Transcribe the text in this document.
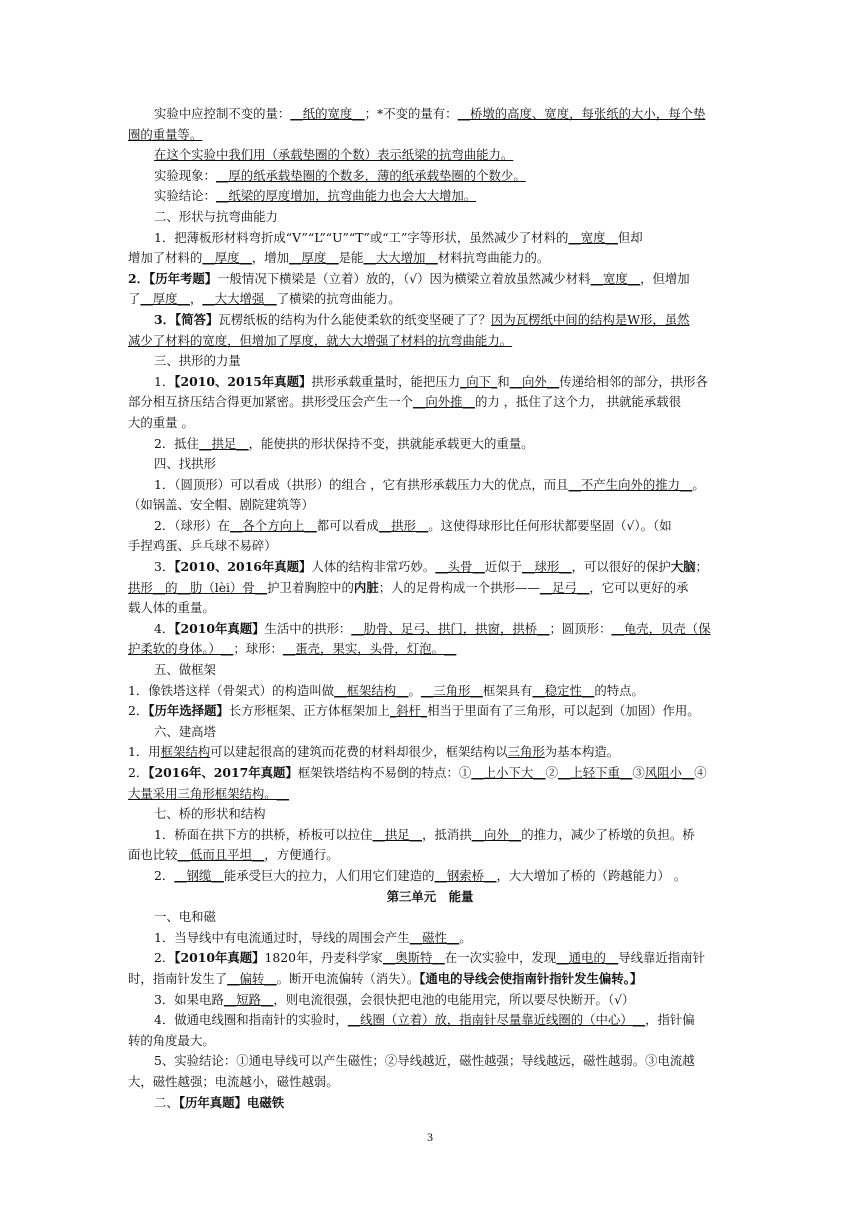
实验中应控制不变的量：__纸的宽度__；*不变的量有：__桥墩的高度、宽度，每张纸的大小，每个垫
圈的重量等。
在这个实验中我们用（承载垫圈的个数）表示纸梁的抗弯曲能力。
实验现象：__厚的纸承载垫圈的个数多，薄的纸承载垫圈的个数少。
实验结论：__纸梁的厚度增加，抗弯曲能力也会大大增加。
二、形状与抗弯曲能力
1．把薄板形材料弯折成“V”“L”“U”“T”或“工”字等形状，虽然减少了材料的__宽度__但却
增加了材料的__厚度__，增加__厚度__是能__大大增加__材料抗弯曲能力的。
2．【历年考题】一般情况下横梁是（立着）放的，（√）因为横梁立着放虽然减少材料__宽度__，但增加
了__厚度__，__大大增强__了横梁的抗弯曲能力。
3．【简答】瓦楞纸板的结构为什么能使柔软的纸变坚硬了了？因为瓦楞纸中间的结构是W形，虽然
减少了材料的宽度，但增加了厚度，就大大增强了材料的抗弯曲能力。
三、拱形的力量
1．【2010、2015年真题】拱形承载重量时，能把压力_向下_和__向外__传递给相邻的部分，拱形各
部分相互挤压结合得更加紧密。拱形受压会产生一个__向外推__的力 ，抵住了这个力， 拱就能承载很
大的重量 。
2．抵住__拱足__，能使拱的形状保持不变，拱就能承载更大的重量。
四、找拱形
1．（圆顶形）可以看成（拱形）的组合 ，它有拱形承载压力大的优点，而且__不产生向外的推力__。
（如锅盖、安全帽、剧院建筑等）
2．（球形）在__各个方向上__都可以看成__拱形__。这使得球形比任何形状都要坚固（√）。（如
手捏鸡蛋、乒乓球不易碎）
3．【2010、2016年真题】人体的结构非常巧妙。__头骨__近似于__球形__，可以很好的保护大脑；
拱形__的__肋（lèi）骨__护卫着胸腔中的内脏；人的足骨构成一个拱形——__足弓__，它可以更好的承
载人体的重量。
4．【2010年真题】生活中的拱形：__肋骨、足弓、拱门，拱窗，拱桥__；圆顶形：__龟壳，贝壳（保
护柔软的身体。）__；球形：__蛋壳，果实，头骨，灯泡。__
五、做框架
1．像铁塔这样（骨架式）的构造叫做__框架结构__。__三角形__框架具有__稳定性__的特点。
2．【历年选择题】长方形框架、正方体框架加上_斜杆_相当于里面有了三角形，可以起到（加固）作用。
六、建高塔
1．用框架结构可以建起很高的建筑而花费的材料却很少，框架结构以三角形为基本构造。
2．【2016年、2017年真题】框架铁塔结构不易倒的特点：①__上小下大__②__上轻下重__③风阻小__④
大量采用三角形框架结构。__
七、桥的形状和结构
1．桥面在拱下方的拱桥，桥板可以拉住__拱足__，抵消拱__向外__的推力，减少了桥墩的负担。桥
面也比较__低而且平坦__，方便通行。
2．__钢缆__能承受巨大的拉力，人们用它们建造的__钢索桥__，大大增加了桥的（跨越能力） 。
第三单元　能量
一、电和磁
1．当导线中有电流通过时，导线的周围会产生__磁性__。
2．【2010年真题】1820年，丹麦科学家__奥斯特__在一次实验中，发现__通电的__导线靠近指南针
时，指南针发生了__偏转__。断开电流偏转（消失）。【通电的导线会使指南针指针发生偏转。】
3．如果电路__短路__，则电流很强，会很快把电池的电能用完，所以要尽快断开。（√）
4．做通电线圈和指南针的实验时，__线圈（立着）放，指南针尽量靠近线圈的（中心）__，指针偏
转的角度最大。
5、实验结论：①通电导线可以产生磁性；②导线越近，磁性越强；导线越远，磁性越弱。③电流越
大，磁性越强；电流越小，磁性越弱。
二、【历年真题】电磁铁
3
